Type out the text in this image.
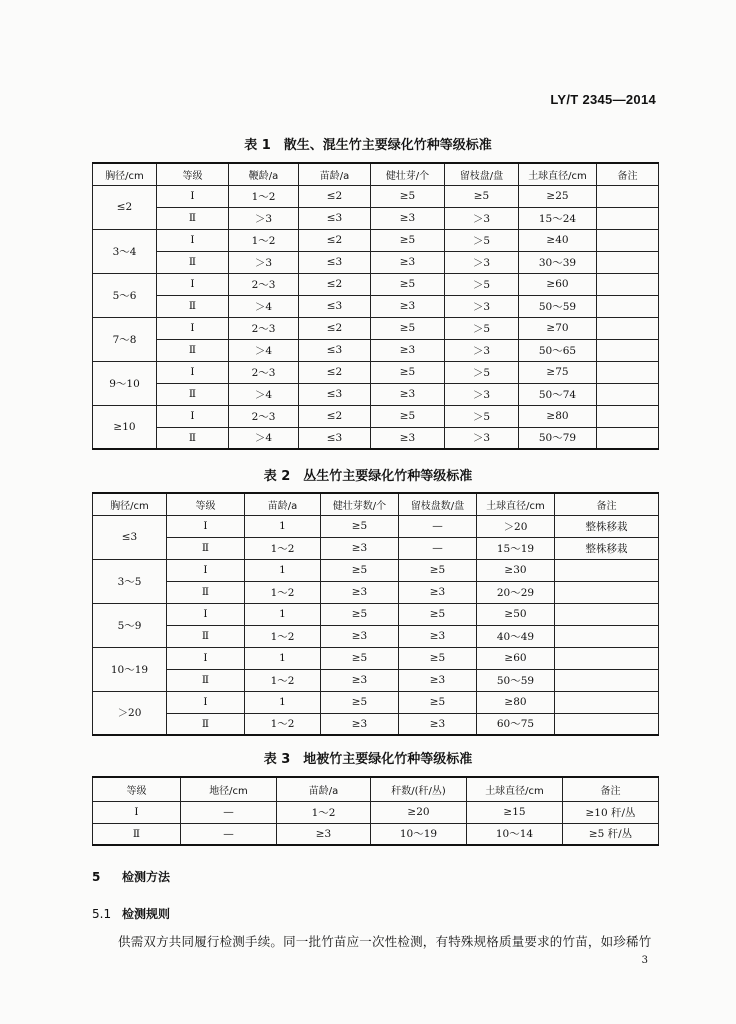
LY/T 2345—2014
表 1　散生、混生竹主要绿化竹种等级标准
胸径/cm	等级	鞭龄/a	苗龄/a	健壮芽/个	留枝盘/盘	土球直径/cm	备注
≤2	Ⅰ	1～2	≤2	≥5	≥5	≥25	
	Ⅱ	＞3	≤3	≥3	＞3	15～24	
3～4	Ⅰ	1～2	≤2	≥5	＞5	≥40	
	Ⅱ	＞3	≤3	≥3	＞3	30～39	
5～6	Ⅰ	2～3	≤2	≥5	＞5	≥60	
	Ⅱ	＞4	≤3	≥3	＞3	50～59	
7～8	Ⅰ	2～3	≤2	≥5	＞5	≥70	
	Ⅱ	＞4	≤3	≥3	＞3	50～65	
9～10	Ⅰ	2～3	≤2	≥5	＞5	≥75	
	Ⅱ	＞4	≤3	≥3	＞3	50～74	
≥10	Ⅰ	2～3	≤2	≥5	＞5	≥80	
	Ⅱ	＞4	≤3	≥3	＞3	50～79	
表 2　丛生竹主要绿化竹种等级标准
胸径/cm	等级	苗龄/a	健壮芽数/个	留枝盘数/盘	土球直径/cm	备注
≤3	Ⅰ	1	≥5	—	＞20	整株移栽
	Ⅱ	1～2	≥3	—	15～19	整株移栽
3～5	Ⅰ	1	≥5	≥5	≥30	
	Ⅱ	1～2	≥3	≥3	20～29	
5～9	Ⅰ	1	≥5	≥5	≥50	
	Ⅱ	1～2	≥3	≥3	40～49	
10～19	Ⅰ	1	≥5	≥5	≥60	
	Ⅱ	1～2	≥3	≥3	50～59	
＞20	Ⅰ	1	≥5	≥5	≥80	
	Ⅱ	1～2	≥3	≥3	60～75	
表 3　地被竹主要绿化竹种等级标准
等级	地径/cm	苗龄/a	秆数/(秆/丛)	土球直径/cm	备注
Ⅰ	—	1～2	≥20	≥15	≥10 秆/丛
Ⅱ	—	≥3	10～19	10～14	≥5 秆/丛
5 检测方法
5.1 检测规则
供需双方共同履行检测手续。同一批竹苗应一次性检测，有特殊规格质量要求的竹苗，如珍稀竹
3
